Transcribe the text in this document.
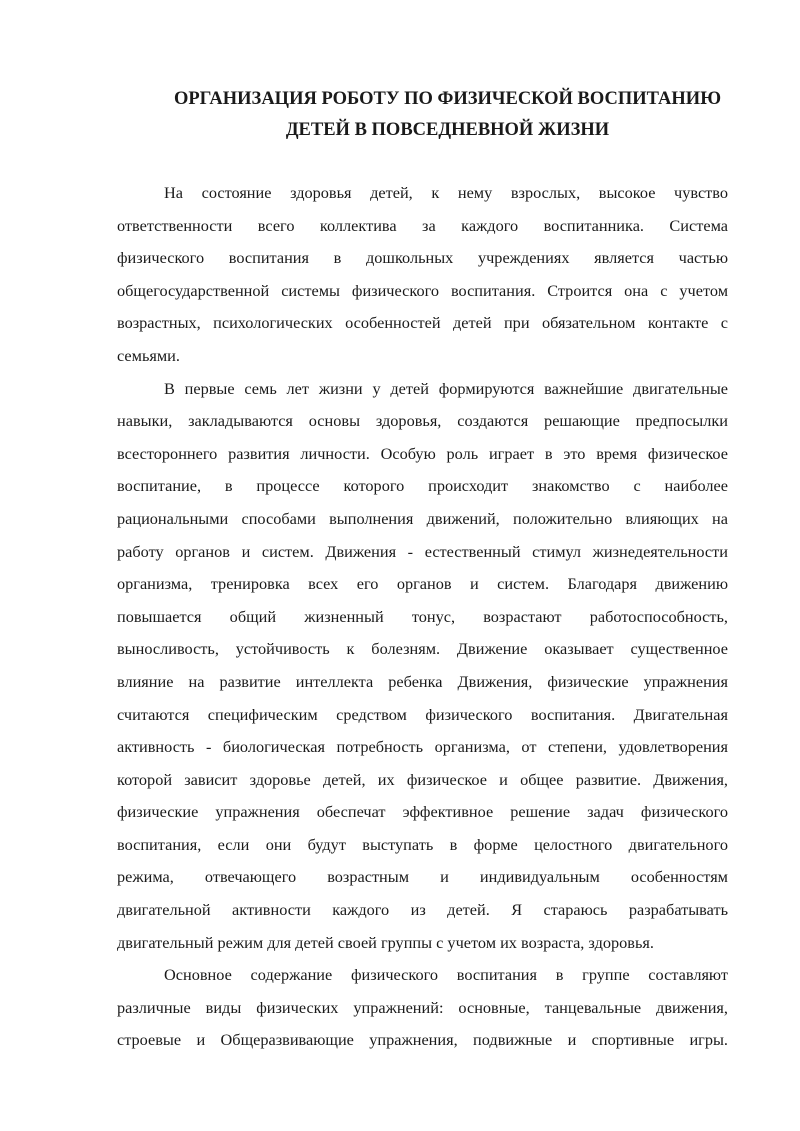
ОРГАНИЗАЦИЯ РОБОТУ ПО ФИЗИЧЕСКОЙ ВОСПИТАНИЮ
ДЕТЕЙ В ПОВСЕДНЕВНОЙ ЖИЗНИ

На состояние здоровья детей, к нему взрослых, высокое чувство
ответственности всего коллектива за каждого воспитанника. Система
физического воспитания в дошкольных учреждениях является частью
общегосударственной системы физического воспитания. Строится она с учетом
возрастных, психологических особенностей детей при обязательном контакте с
семьями.

В первые семь лет жизни у детей формируются важнейшие двигательные
навыки, закладываются основы здоровья, создаются решающие предпосылки
всестороннего развития личности. Особую роль играет в это время физическое
воспитание, в процессе которого происходит знакомство с наиболее
рациональными способами выполнения движений, положительно влияющих на
работу органов и систем. Движения - естественный стимул жизнедеятельности
организма, тренировка всех его органов и систем. Благодаря движению
повышается общий жизненный тонус, возрастают работоспособность,
выносливость, устойчивость к болезням. Движение оказывает существенное
влияние на развитие интеллекта ребенка Движения, физические упражнения
считаются специфическим средством физического воспитания. Двигательная
активность - биологическая потребность организма, от степени, удовлетворения
которой зависит здоровье детей, их физическое и общее развитие. Движения,
физические упражнения обеспечат эффективное решение задач физического
воспитания, если они будут выступать в форме целостного двигательного
режима, отвечающего возрастным и индивидуальным особенностям
двигательной активности каждого из детей. Я стараюсь разрабатывать
двигательный режим для детей своей группы с учетом их возраста, здоровья.

Основное содержание физического воспитания в группе составляют
различные виды физических упражнений: основные, танцевальные движения,
строевые и Общеразвивающие упражнения, подвижные и спортивные игры.
